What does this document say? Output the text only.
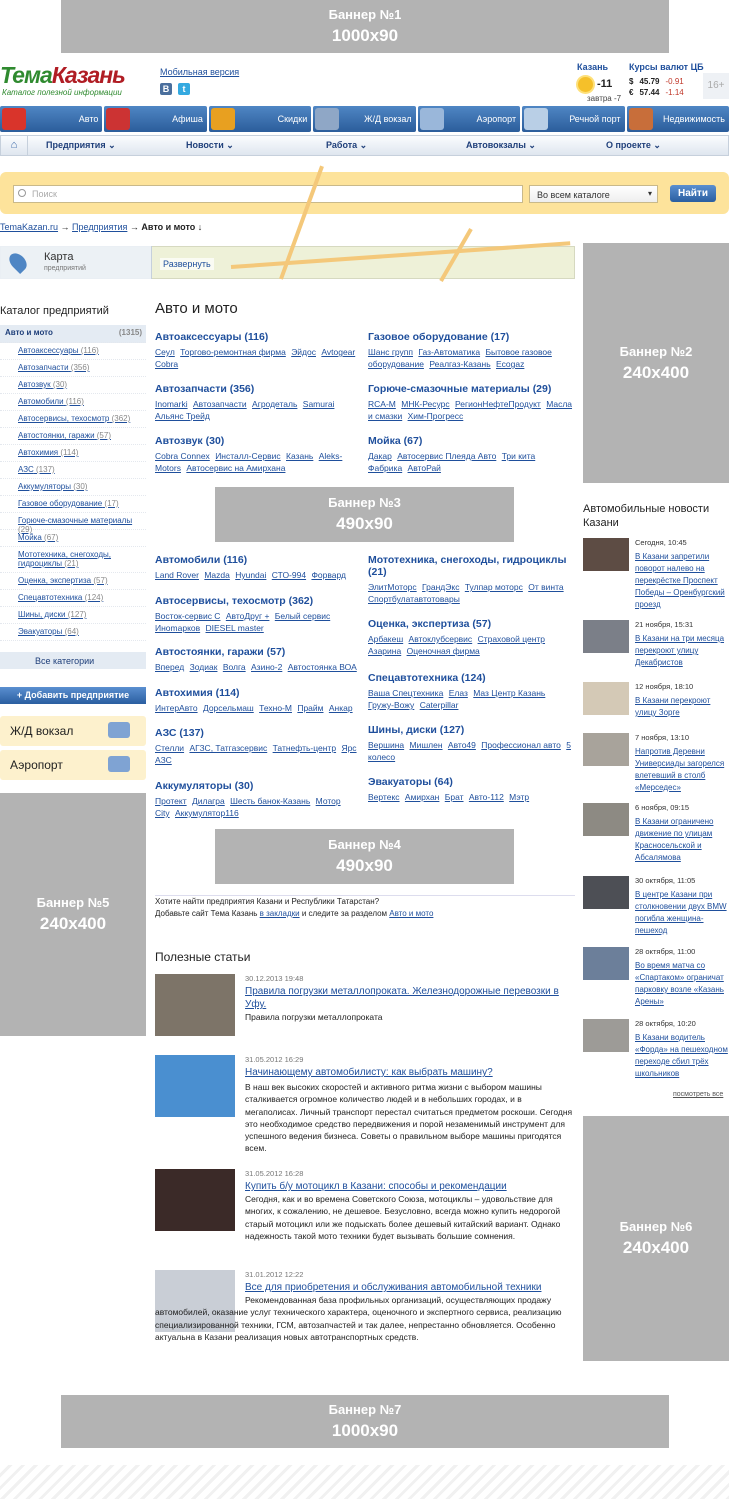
Баннер №1
1000x90
Баннер №2
240x400
Баннер №3
490x90
Баннер №4
490x90
Баннер №5
240x400
Баннер №6
240x400
Баннер №7
1000x90
ТемаКазань
Каталог полезной информации
Мобильная версия
В	t
Казань
-11
завтра -7
Курсы валют ЦБ
$ 45.79 -0.91
€ 57.44 -1.14
16+
Авто	Афиша	Скидки	Ж/Д вокзал	Аэропорт	Речной порт	Недвижимость
⌂	Предприятия ⌄	Новости ⌄	Работа ⌄	Автовокзалы ⌄	О проекте ⌄
Поиск	Во всем каталоге	▾	Найти
TemaKazan.ru → Предприятия → Авто и мото ↓
Карта
предприятий	Развернуть
Каталог предприятий
Авто и мото	(1315)
Автоаксессуары (116)
Автозапчасти (356)
Автозвук (30)
Автомобили (116)
Автосервисы, техосмотр (362)
Автостоянки, гаражи (57)
Автохимия (114)
АЗС (137)
Аккумуляторы (30)
Газовое оборудование (17)
Горюче-смазочные материалы (29)
Мойка (67)
Мототехника, снегоходы, гидроциклы (21)
Оценка, экспертиза (57)
Спецавтотехника (124)
Шины, диски (127)
Эвакуаторы (64)
Все категории
+ Добавить предприятие
Ж/Д вокзал
Аэропорт
Авто и мото
Автоаксессуары (116)
Сеул Торгово-ремонтная фирма Эйдос Avtogear Cobra
Газовое оборудование (17)
Шанс групп Газ-Автоматика Бытовое газовое оборудование Реалгаз-Казань Ecogaz
Автозапчасти (356)
Inomarki Автозапчасти Агродеталь Samurai Альянс Трейд
Горюче-смазочные материалы (29)
RCA-M МНК-Ресурс РегионНефтеПродукт Масла и смазки Хим-Прогресс
Автозвук (30)
Cobra Connex Инсталл-Сервис Казань Aleks-Motors Автосервис на Амирхана
Мойка (67)
Дакар Автосервис Плеяда Авто Три кита Фабрика АвтоРай
Автомобили (116)
Land Rover Mazda Hyundai СТО-994 Форвард
Мототехника, снегоходы, гидроциклы (21)
ЭлитМоторс ГрандЭкс Тулпар моторс От винта Спортбулатавтотовары
Автосервисы, техосмотр (362)
Восток-сервис С АвтоДруг + Белый сервис Инomарков DIESEL master	Оценка, экспертиза (57)
Арбакеш Автоклубсервис Страховой центр Азарина Оценочная фирма
Автостоянки, гаражи (57)
Вперед Зодиак Волга Азино-2 Автостоянка ВОА
Спецавтотехника (124)
Ваша Спецтехника Елаз Маз Центр Казань Гружу-Вожу Caterpillar
Автохимия (114)
ИнтерАвто Дорсельмаш Техно-М Прайм Анкар
Шины, диски (127)
Вершина Мишлен Авто49 Профессионал авто 5 колесо
АЗС (137)
Стелли АГЗС, Татгазсервис Татнефть-центр Ярс АЗС
Эвакуаторы (64)
Вертекс Амирхан Брат Авто-112 Мэтр
Аккумуляторы (30)
Протект Дилагра Шесть банок-Казань Мотор City Аккумулятор116
Хотите найти предприятия Казани и Республики Татарстан?
Добавьте сайт Тема Казань в закладки и следите за разделом Авто и мото
Полезные статьи
30.12.2013 19:48
Правила погрузки металлопроката. Железнодорожные перевозки в Уфу.
Правила погрузки металлопроката
31.05.2012 16:29
Начинающему автомобилисту: как выбрать машину?
В наш век высоких скоростей и активного ритма жизни с выбором машины сталкивается огромное количество людей и в небольших городах, и в мегаполисах. Личный транспорт перестал считаться предметом роскоши. Сегодня это необходимое средство передвижения и порой незаменимый инструмент для успешного ведения бизнеса. Советы о правильном выборе машины пригодятся всем.
31.05.2012 16:28
Купить б/у мотоцикл в Казани: способы и рекомендации
Сегодня, как и во времена Советского Союза, мотоциклы – удовольствие для многих, к сожалению, не дешевое. Безусловно, всегда можно купить недорогой старый мотоцикл или же подыскать более дешевый китайский вариант. Однако надежность такой мото техники будет вызывать большие сомнения.
31.01.2012 12:22
Все для приобретения и обслуживания автомобильной техники
Рекомендованная база профильных организаций, осуществляющих продажу автомобилей, оказание услуг технического характера, оценочного и экспертного сервиса, реализацию специализированной техники, ГСМ, автозапчастей и так далее, непрестанно обновляется. Особенно актуальна в Казани реализация новых автотранспортных средств.
Автомобильные новости Казани
Сегодня, 10:45
В Казани запретили поворот налево на перекрёстке Проспект Победы – Оренбургский проезд
21 ноября, 15:31
В Казани на три месяца перекроют улицу Декабристов
12 ноября, 18:10
В Казани перекроют улицу Зорге
7 ноября, 13:10
Напротив Деревни Универсиады загорелся влетевший в столб «Мерседес»
6 ноября, 09:15
В Казани ограничено движение по улицам Красносельской и Абсалямова
30 октября, 11:05
В центре Казани при столкновении двух BMW погибла женщина-пешеход
28 октября, 11:00
Во время матча со «Спартаком» ограничат парковку возле «Казань Арены»
28 октября, 10:20
В Казани водитель «Форда» на пешеходном переходе сбил трёх школьников
посмотреть все
